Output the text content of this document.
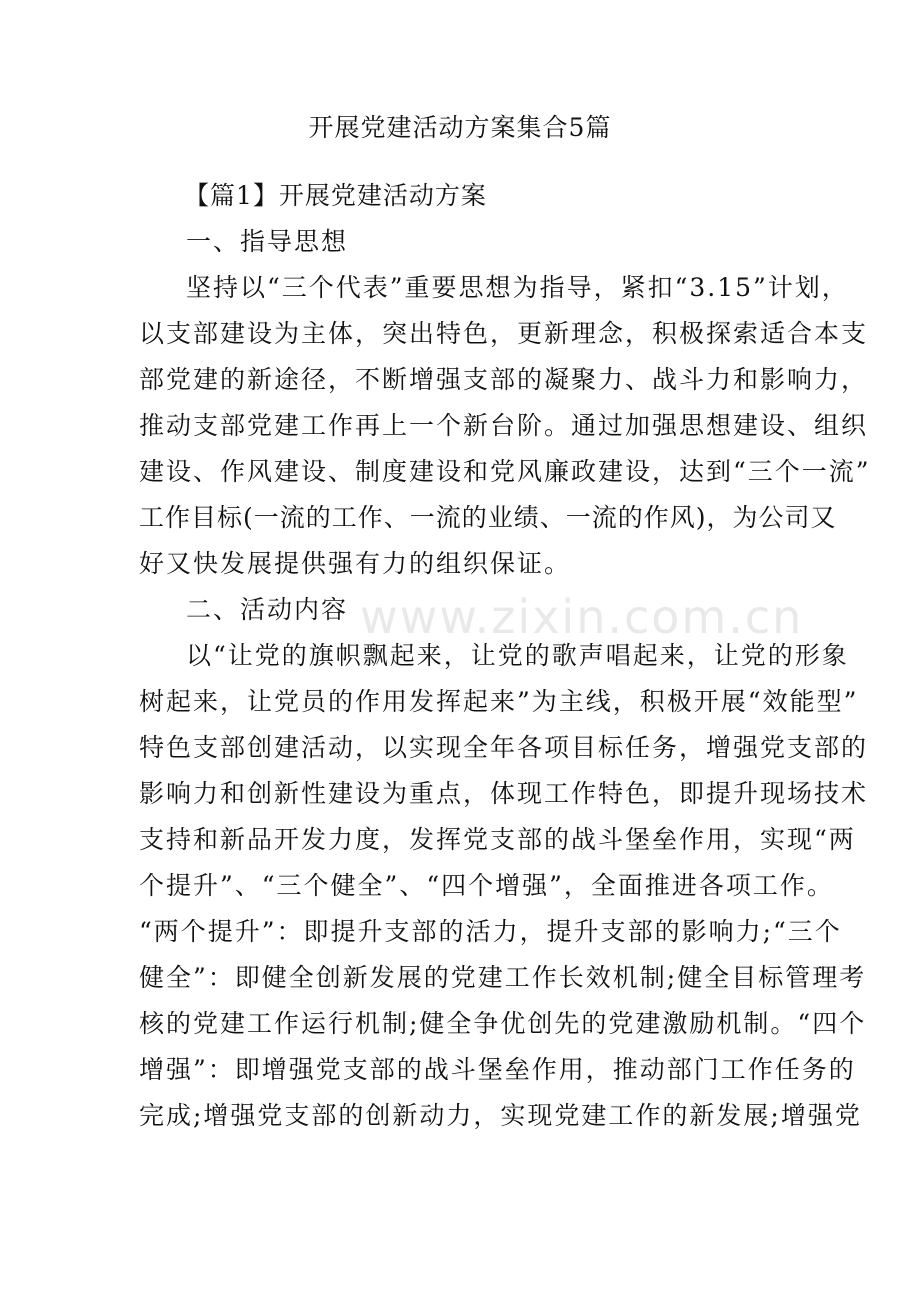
www.zixin.com.cn
开展党建活动方案集合5篇
【篇1】开展党建活动方案
一、指导思想
坚持以“三个代表”重要思想为指导，紧扣“3.15”计划，
以支部建设为主体，突出特色，更新理念，积极探索适合本支
部党建的新途径，不断增强支部的凝聚力、战斗力和影响力，
推动支部党建工作再上一个新台阶。通过加强思想建设、组织
建设、作风建设、制度建设和党风廉政建设，达到“三个一流”
工作目标(一流的工作、一流的业绩、一流的作风)，为公司又
好又快发展提供强有力的组织保证。
二、活动内容
以“让党的旗帜飘起来，让党的歌声唱起来，让党的形象
树起来，让党员的作用发挥起来”为主线，积极开展“效能型”
特色支部创建活动，以实现全年各项目标任务，增强党支部的
影响力和创新性建设为重点，体现工作特色，即提升现场技术
支持和新品开发力度，发挥党支部的战斗堡垒作用，实现“两
个提升”、“三个健全”、“四个增强”，全面推进各项工作。
“两个提升”：即提升支部的活力，提升支部的影响力;“三个
健全”：即健全创新发展的党建工作长效机制;健全目标管理考
核的党建工作运行机制;健全争优创先的党建激励机制。“四个
增强”：即增强党支部的战斗堡垒作用，推动部门工作任务的
完成;增强党支部的创新动力，实现党建工作的新发展;增强党
